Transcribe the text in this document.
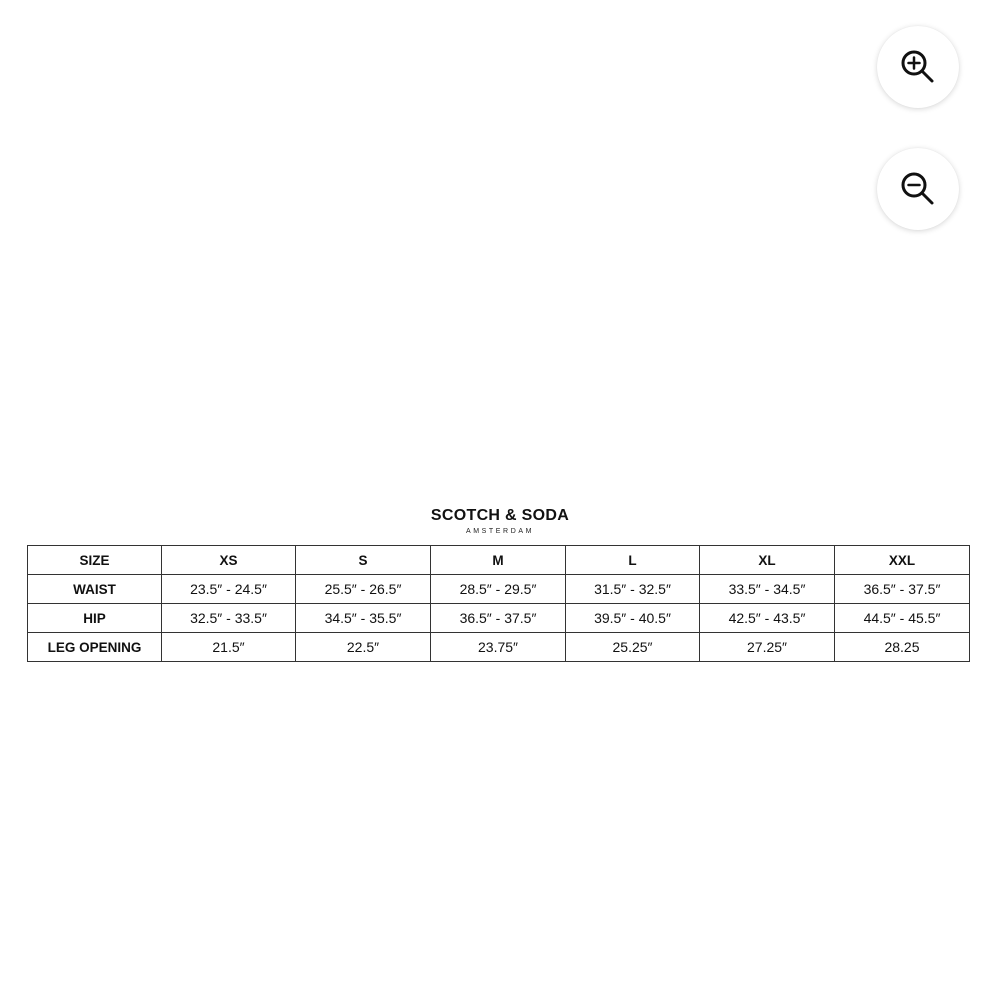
SCOTCH & SODA
AMSTERDAM
SIZE	XS	S	M	L	XL	XXL
WAIST	23.5″ - 24.5″	25.5″ - 26.5″	28.5″ - 29.5″	31.5″ - 32.5″	33.5″ - 34.5″	36.5″ - 37.5″
HIP	32.5″ - 33.5″	34.5″ - 35.5″	36.5″ - 37.5″	39.5″ - 40.5″	42.5″ - 43.5″	44.5″ - 45.5″
LEG OPENING	21.5″	22.5″	23.75″	25.25″	27.25″	28.25
